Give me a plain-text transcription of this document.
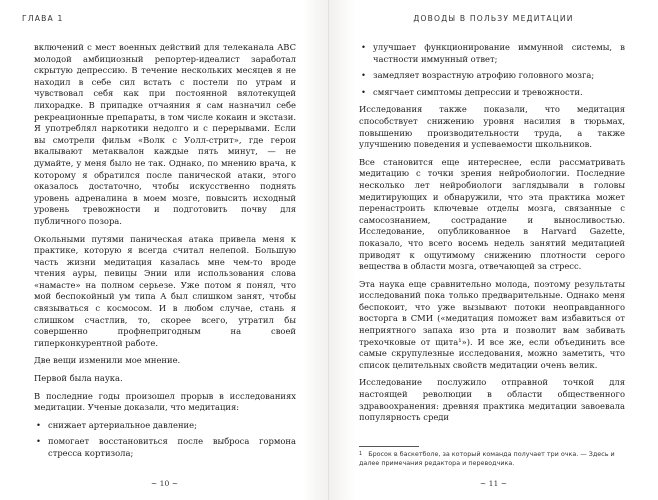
ГЛАВА 1

включений с мест военных действий для телеканала ABC молодой амбициозный репортер-идеалист заработал скрытую депрессию. В течение нескольких месяцев я не находил в себе сил встать с постели по утрам и чувствовал себя как при постоянной вялотекущей лихорадке. В припадке отчаяния я сам назначил себе рекреационные препараты, в том числе кокаин и экстази. Я употреблял наркотики недолго и с перерывами. Если вы смотрели фильм «Волк с Уолл-стрит», где герои вкалывают метаквалон каждые пять минут, — не думайте, у меня было не так. Однако, по мнению врача, к которому я обратился после панической атаки, этого оказалось достаточно, чтобы искусственно поднять уровень адреналина в моем мозге, повысить исходный уровень тревожности и подготовить почву для публичного позора.

Окольными путями паническая атака привела меня к практике, которую я всегда считал нелепой. Большую часть жизни медитация казалась мне чем-то вроде чтения ауры, певицы Энии или использования слова «намасте» на полном серьезе. Уже потом я понял, что мой беспокойный ум типа А был слишком занят, чтобы связываться с космосом. И в любом случае, стань я слишком счастлив, то, скорее всего, утратил бы совершенно профнепригодным на своей гиперконкурентной работе.

Две вещи изменили мое мнение.

Первой была наука.

В последние годы произошел прорыв в исследованиях медитации. Ученые доказали, что медитация:

• снижает артериальное давление;
• помогает восстановиться после выброса гормона стресса кортизола;
~ 10 ~
ДОВОДЫ В ПОЛЬЗУ МЕДИТАЦИИ
• улучшает функционирование иммунной системы, в частности иммунный ответ;
• замедляет возрастную атрофию головного мозга;
• смягчает симптомы депрессии и тревожности.

Исследования также показали, что медитация способствует снижению уровня насилия в тюрьмах, повышению производительности труда, а также улучшению поведения и успеваемости школьников.

Все становится еще интереснее, если рассматривать медитацию с точки зрения нейробиологии. Последние несколько лет нейробиологи заглядывали в головы медитирующих и обнаружили, что эта практика может перенастроить ключевые отделы мозга, связанные с самосознанием, сострадание и выносливостью. Исследование, опубликованное в Harvard Gazette, показало, что всего восемь недель занятий медитацией приводят к ощутимому снижению плотности серого вещества в области мозга, отвечающей за стресс.

Эта наука еще сравнительно молода, поэтому результаты исследований пока только предварительные. Однако меня беспокоит, что уже вызывают потоки неоправданного восторга в СМИ («медитация поможет вам избавиться от неприятного запаха изо рта и позволит вам забивать трехочковые от щита¹»). И все же, если объединить все самые скрупулезные исследования, можно заметить, что список целительных свойств медитации очень велик.

Исследование послужило отправной точкой для настоящей революции в области общественного здравоохранения: древняя практика медитации завоевала популярность среди

$^1$ Бросок в баскетболе, за который команда получает три очка. — Здесь и далее примечания редактора и переводчика.
~ 11 ~
